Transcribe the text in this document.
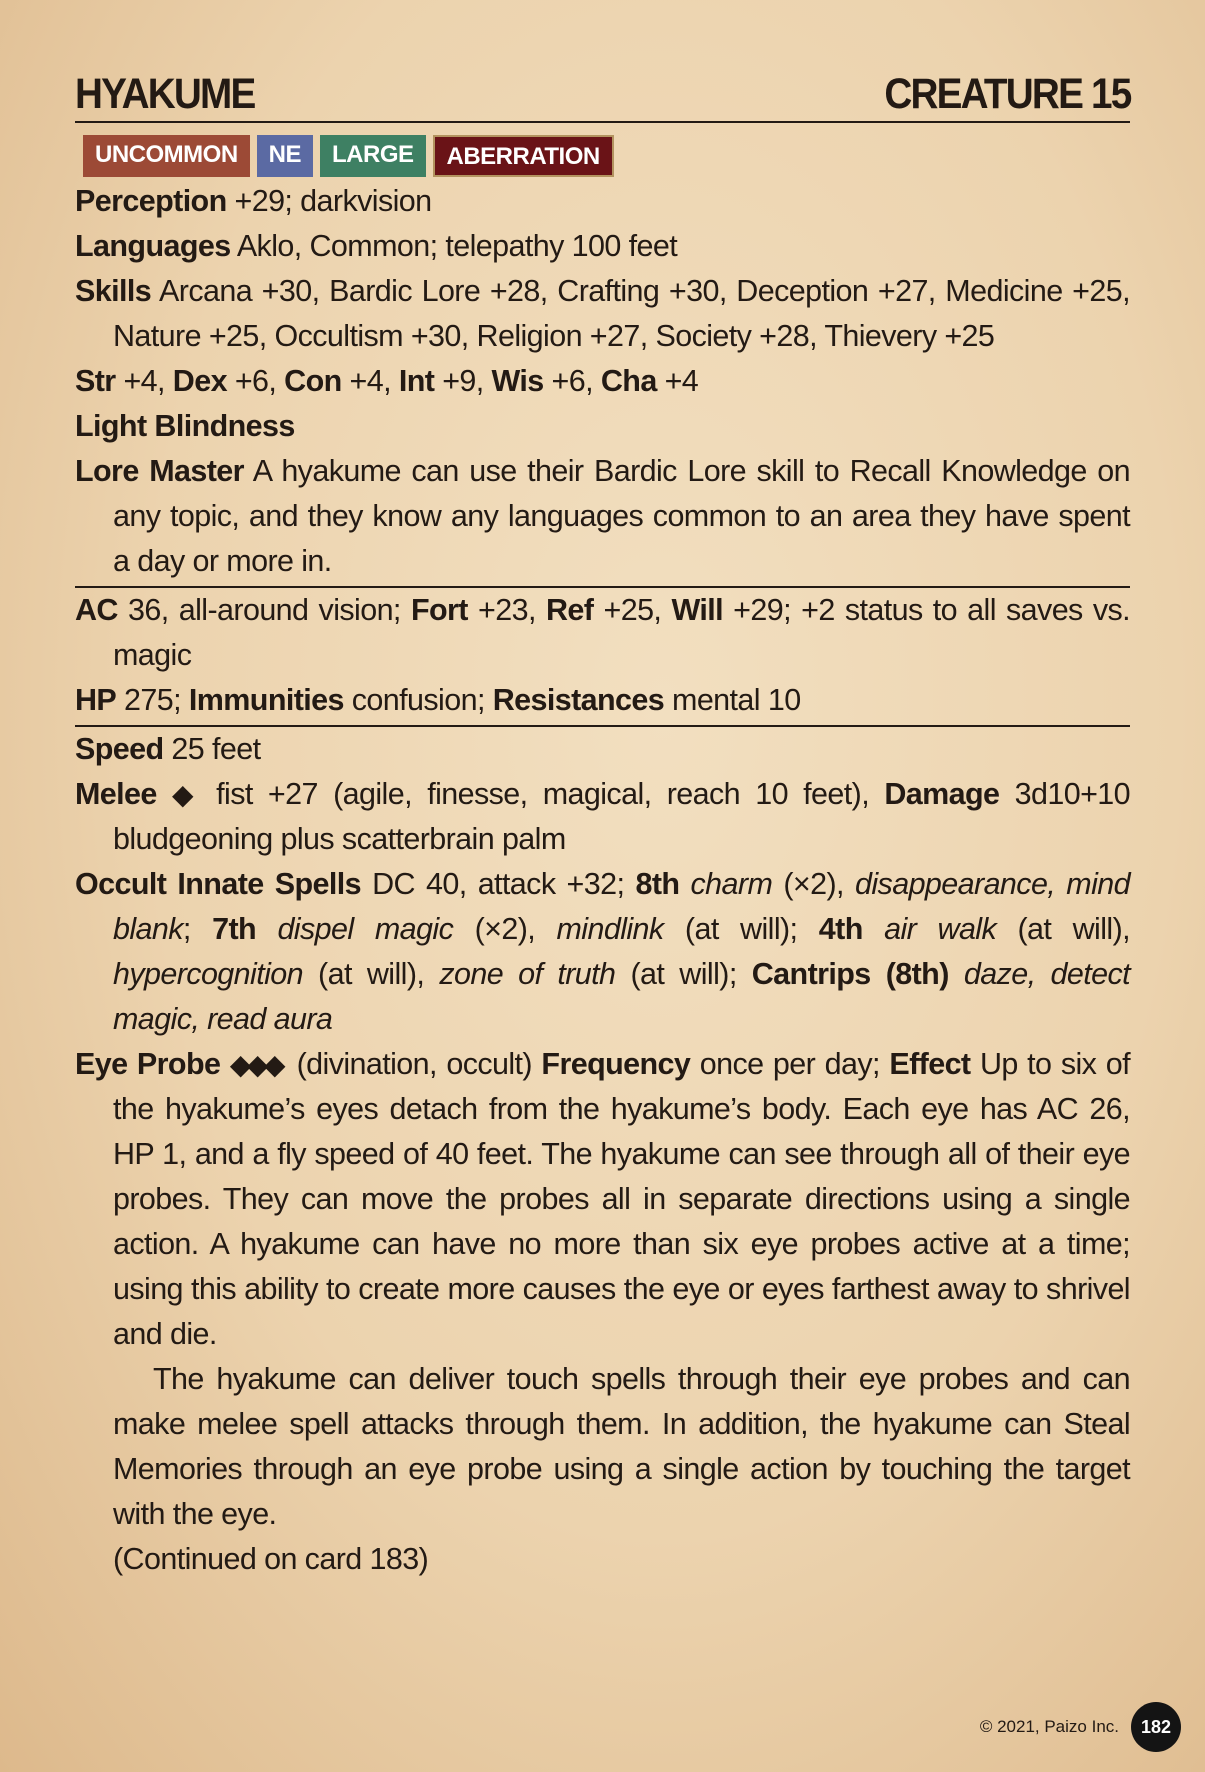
HYAKUME	CREATURE 15
UNCOMMON	NE	LARGE	ABERRATION
Perception +29; darkvision
Languages Aklo, Common; telepathy 100 feet
Skills Arcana +30, Bardic Lore +28, Crafting +30, Deception +27, Medicine +25, Nature +25, Occultism +30, Religion +27, Society +28, Thievery +25
Str +4, Dex +6, Con +4, Int +9, Wis +6, Cha +4
Light Blindness
Lore Master A hyakume can use their Bardic Lore skill to Recall Knowledge on any topic, and they know any languages common to an area they have spent a day or more in.
AC 36, all-around vision; Fort +23, Ref +25, Will +29; +2 status to all saves vs. magic
HP 275; Immunities confusion; Resistances mental 10
Speed 25 feet
Melee ◆ fist +27 (agile, finesse, magical, reach 10 feet), Damage 3d10+10 bludgeoning plus scatterbrain palm
Occult Innate Spells DC 40, attack +32; 8th charm (×2), disappearance, mind blank; 7th dispel magic (×2), mindlink (at will); 4th air walk (at will), hypercognition (at will), zone of truth (at will); Cantrips (8th) daze, detect magic, read aura
Eye Probe ◆◆◆ (divination, occult) Frequency once per day; Effect Up to six of the hyakume’s eyes detach from the hyakume’s body. Each eye has AC 26, HP 1, and a fly speed of 40 feet. The hyakume can see through all of their eye probes. They can move the probes all in separate directions using a single action. A hyakume can have no more than six eye probes active at a time; using this ability to create more causes the eye or eyes farthest away to shrivel and die.
The hyakume can deliver touch spells through their eye probes and can make melee spell attacks through them. In addition, the hyakume can Steal Memories through an eye probe using a single action by touching the target with the eye.
(Continued on card 183)
© 2021, Paizo Inc.	182
